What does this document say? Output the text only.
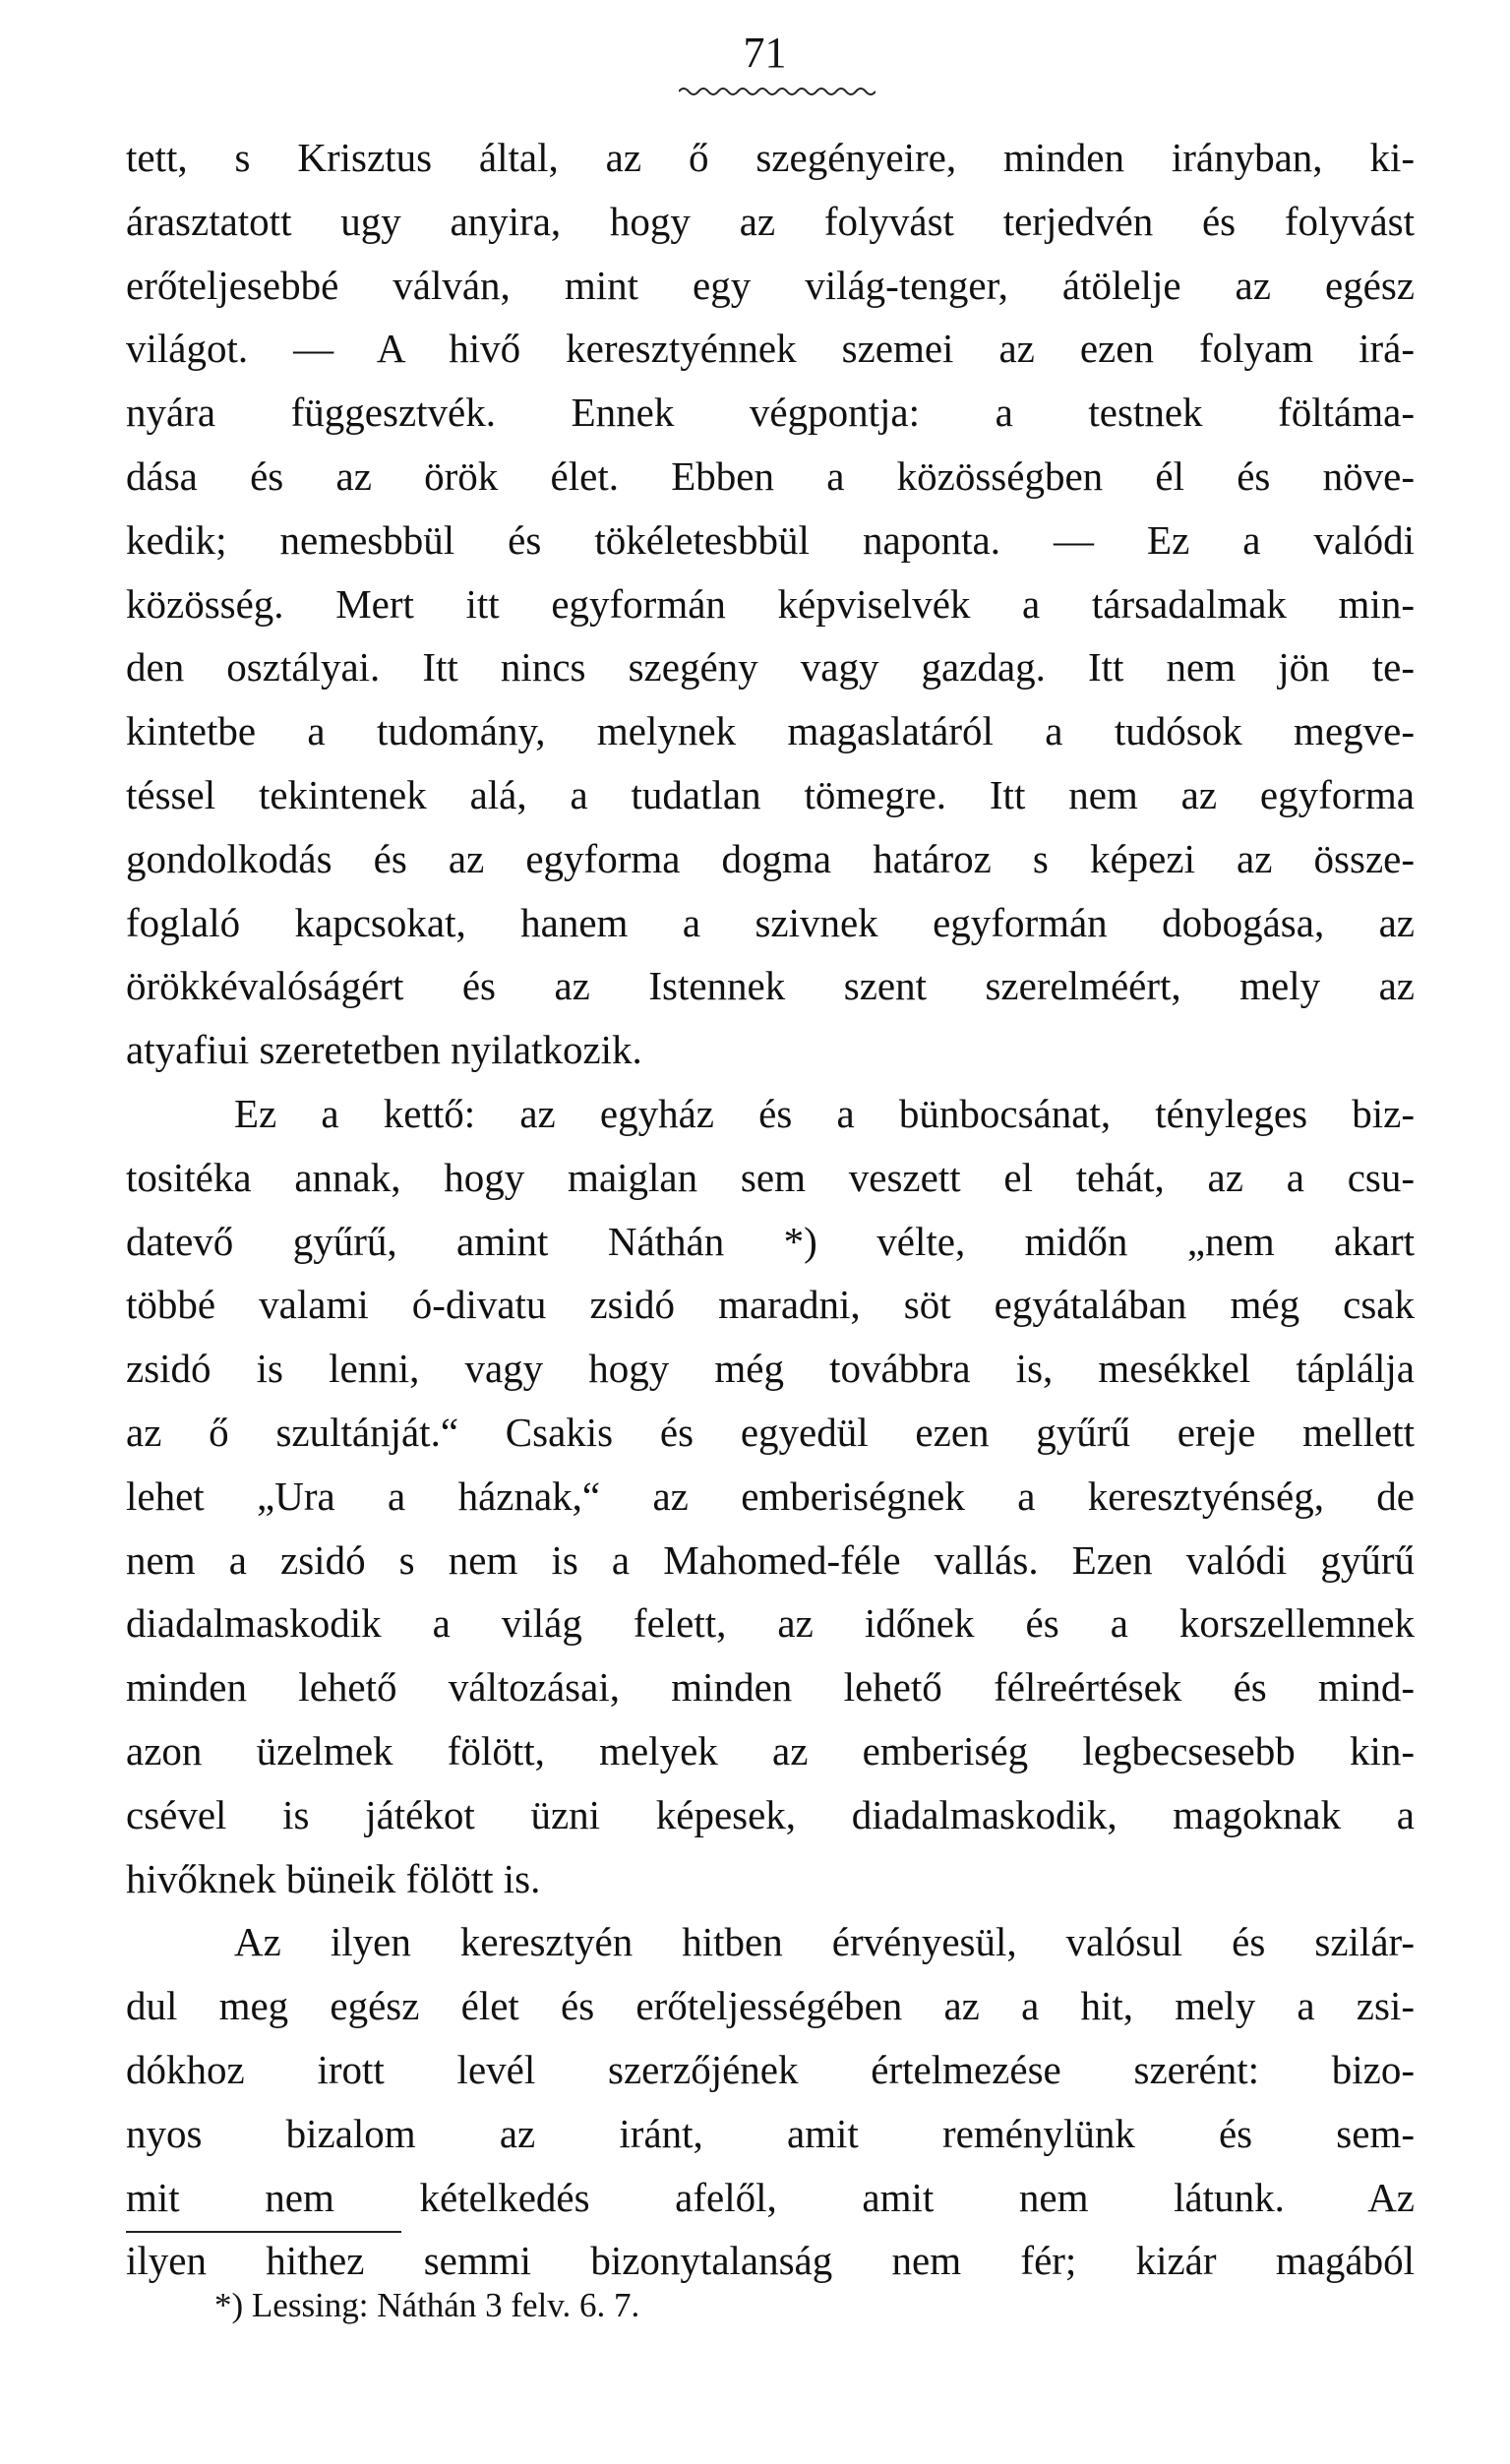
71
tett, s Krisztus által, az ő szegényeire, minden irányban, ki-
árasztatott ugy anyira, hogy az folyvást terjedvén és folyvást
erőteljesebbé válván, mint egy világ-tenger, átölelje az egész
világot. — A hivő keresztyénnek szemei az ezen folyam irá-
nyára függesztvék. Ennek végpontja: a testnek föltáma-
dása és az örök élet. Ebben a közösségben él és növe-
kedik; nemesbbül és tökéletesbbül naponta. — Ez a valódi
közösség. Mert itt egyformán képviselvék a társadalmak min-
den osztályai. Itt nincs szegény vagy gazdag. Itt nem jön te-
kintetbe a tudomány, melynek magaslatáról a tudósok megve-
téssel tekintenek alá, a tudatlan tömegre. Itt nem az egyforma
gondolkodás és az egyforma dogma határoz s képezi az össze-
foglaló kapcsokat, hanem a szivnek egyformán dobogása, az
örökkévalóságért és az Istennek szent szerelméért, mely az
atyafiui szeretetben nyilatkozik.
Ez a kettő: az egyház és a bünbocsánat, tényleges biz-
tositéka annak, hogy maiglan sem veszett el tehát, az a csu-
datevő gyűrű, amint Náthán *) vélte, midőn „nem akart
többé valami ó-divatu zsidó maradni, söt egyátalában még csak
zsidó is lenni, vagy hogy még továbbra is, mesékkel táplálja
az ő szultánját.“ Csakis és egyedül ezen gyűrű ereje mellett
lehet „Ura a háznak,“ az emberiségnek a keresztyénség, de
nem a zsidó s nem is a Mahomed-féle vallás. Ezen valódi gyűrű
diadalmaskodik a világ felett, az időnek és a korszellemnek
minden lehető változásai, minden lehető félreértések és mind-
azon üzelmek fölött, melyek az emberiség legbecsesebb kin-
csével is játékot üzni képesek, diadalmaskodik, magoknak a
hivőknek büneik fölött is.
Az ilyen keresztyén hitben érvényesül, valósul és szilár-
dul meg egész élet és erőteljességében az a hit, mely a zsi-
dókhoz irott levél szerzőjének értelmezése szerént: bizo-
nyos bizalom az iránt, amit reménylünk és sem-
mit nem kételkedés afelől, amit nem látunk. Az
ilyen hithez semmi bizonytalanság nem fér; kizár magából
*) Lessing: Náthán 3 felv. 6. 7.
